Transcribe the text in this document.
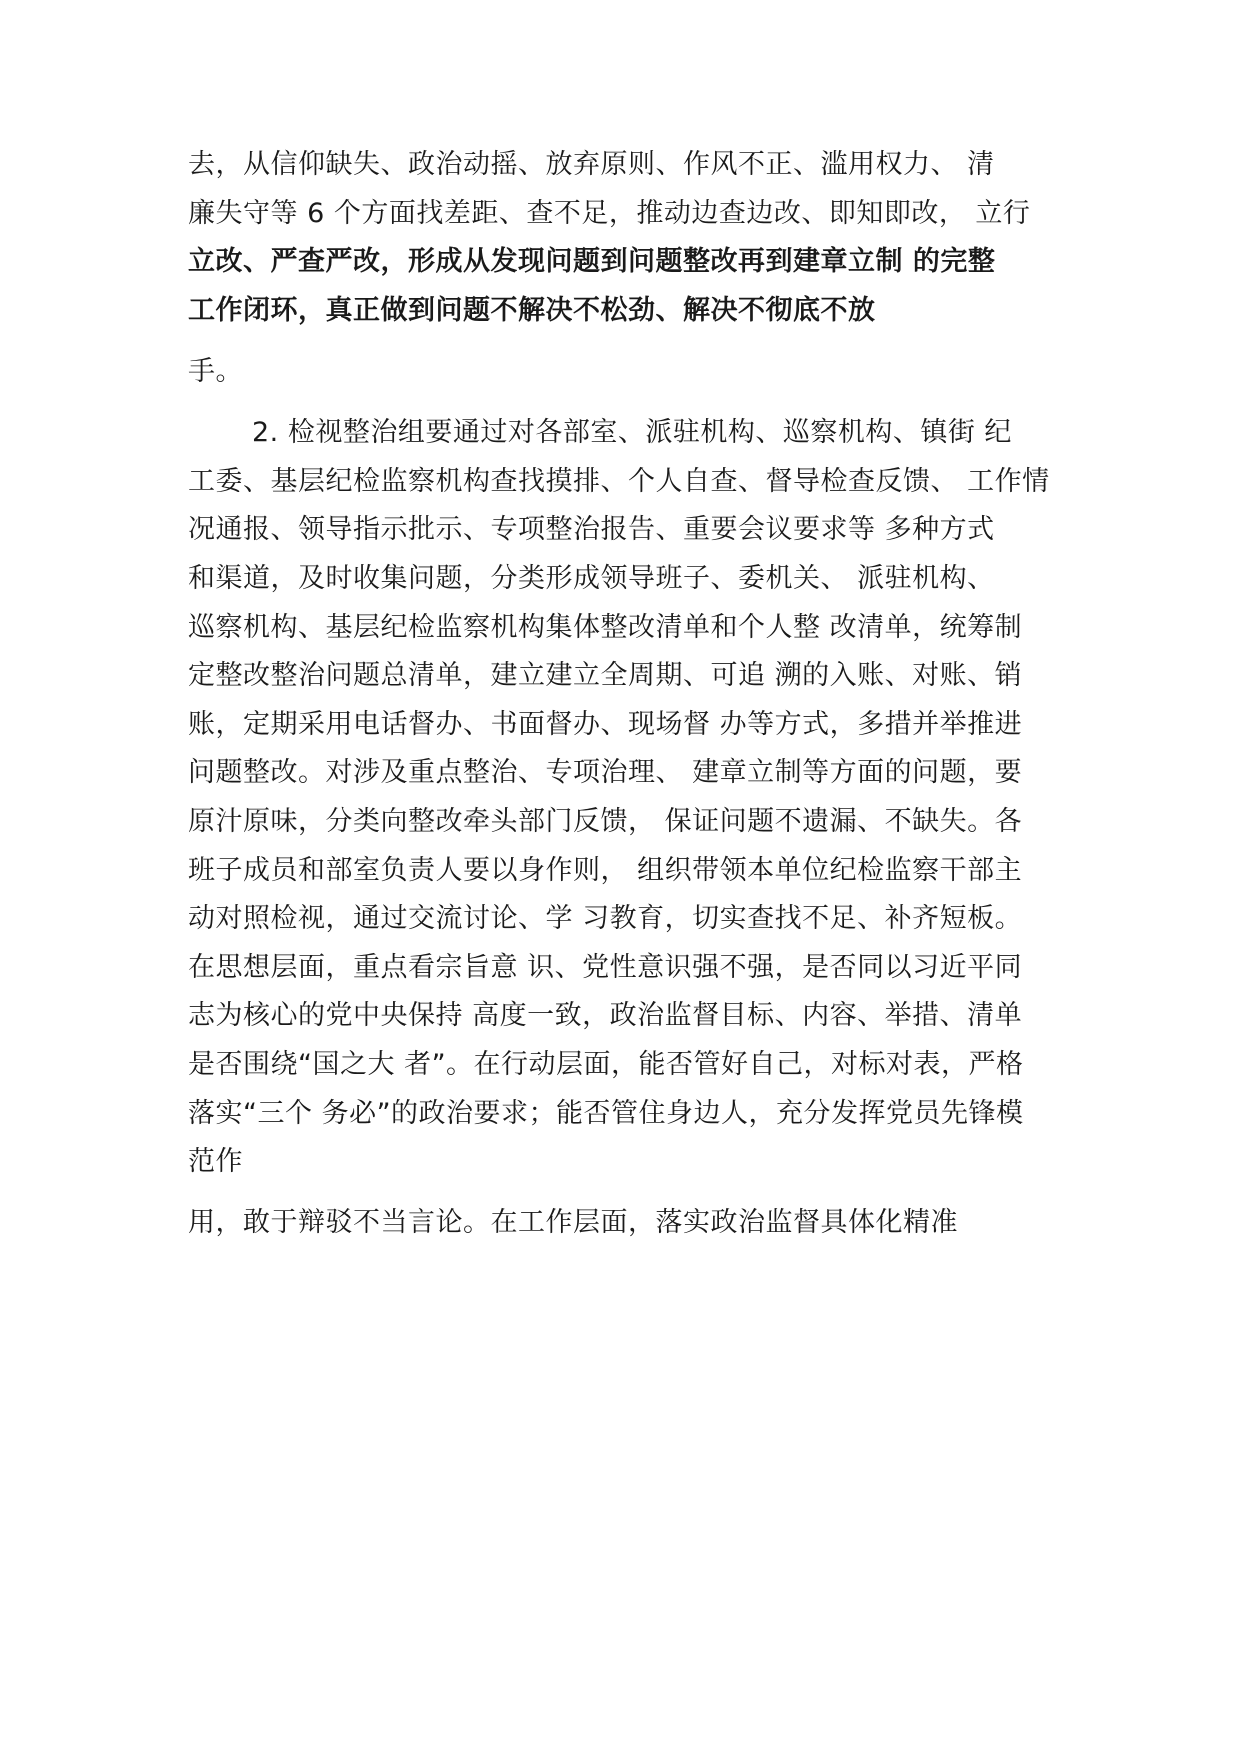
去，从信仰缺失、政治动摇、放弃原则、作风不正、滥用权力、 清
廉失守等 6 个方面找差距、查不足，推动边查边改、即知即改， 立行
立改、严查严改，形成从发现问题到问题整改再到建章立制 的完整
工作闭环，真正做到问题不解决不松劲、解决不彻底不放
手。
2. 检视整治组要通过对各部室、派驻机构、巡察机构、镇街 纪
工委、基层纪检监察机构查找摸排、个人自查、督导检查反馈、 工作情
况通报、领导指示批示、专项整治报告、重要会议要求等 多种方式
和渠道，及时收集问题，分类形成领导班子、委机关、 派驻机构、
巡察机构、基层纪检监察机构集体整改清单和个人整 改清单，统筹制
定整改整治问题总清单，建立建立全周期、可追 溯的入账、对账、销
账，定期采用电话督办、书面督办、现场督 办等方式，多措并举推进
问题整改。对涉及重点整治、专项治理、 建章立制等方面的问题，要
原汁原味，分类向整改牵头部门反馈， 保证问题不遗漏、不缺失。各
班子成员和部室负责人要以身作则， 组织带领本单位纪检监察干部主
动对照检视，通过交流讨论、学 习教育，切实查找不足、补齐短板。
在思想层面，重点看宗旨意 识、党性意识强不强，是否同以习近平同
志为核心的党中央保持 高度一致，政治监督目标、内容、举措、清单
是否围绕“国之大 者”。在行动层面，能否管好自己，对标对表，严格
落实“三个 务必”的政治要求；能否管住身边人，充分发挥党员先锋模
范作
用，敢于辩驳不当言论。在工作层面，落实政治监督具体化精准
